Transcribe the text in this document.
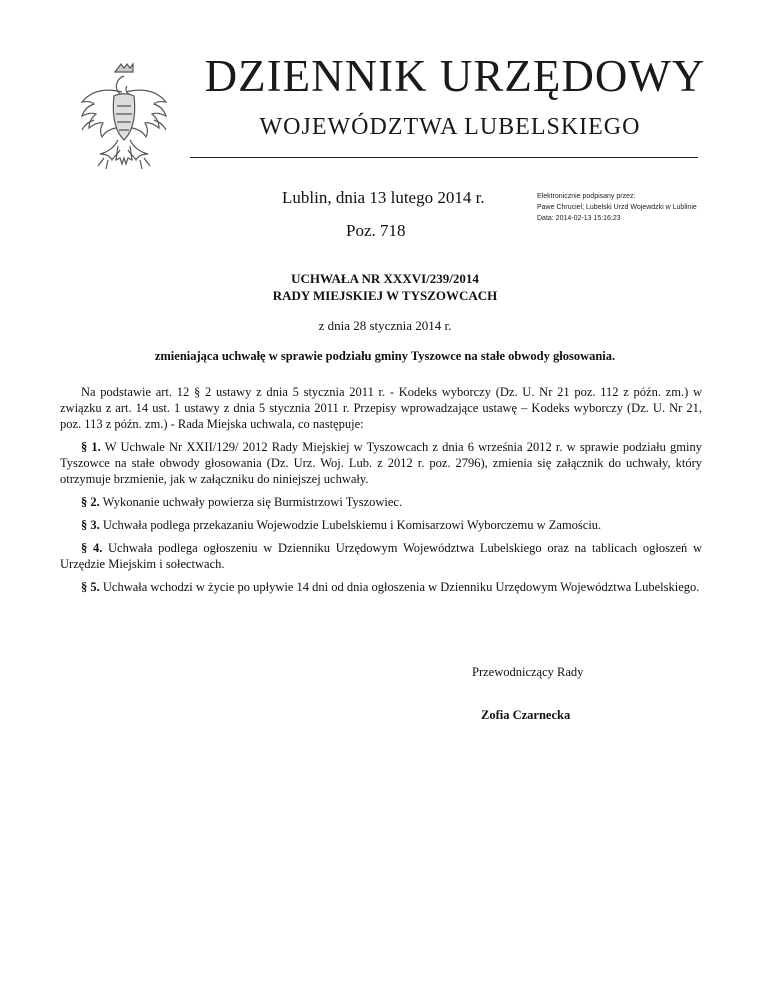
DZIENNIK URZĘDOWY
WOJEWÓDZTWA LUBELSKIEGO
Lublin, dnia 13 lutego 2014 r.
Poz. 718
Elektronicznie podpisany przez:
Pawe Chruciel; Lubelski Urzd Wojewdzki w Lublinie
Data: 2014-02-13 15:16:23
UCHWAŁA NR XXXVI/239/2014
RADY MIEJSKIEJ W TYSZOWCACH
z dnia 28 stycznia 2014 r.
zmieniająca uchwałę w sprawie podziału gminy Tyszowce na stałe obwody głosowania.

Na podstawie art. 12 § 2 ustawy z dnia 5 stycznia 2011 r. - Kodeks wyborczy (Dz. U. Nr 21 poz. 112 z późn. zm.) w związku z art. 14 ust. 1 ustawy z dnia 5 stycznia 2011 r. Przepisy wprowadzające ustawę – Kodeks wyborczy (Dz. U. Nr 21, poz. 113 z późn. zm.) - Rada Miejska uchwala, co następuje:

§ 1. W Uchwale Nr XXII/129/ 2012 Rady Miejskiej w Tyszowcach z dnia 6 września 2012 r. w sprawie podziału gminy Tyszowce na stałe obwody głosowania (Dz. Urz. Woj. Lub. z 2012 r. poz. 2796), zmienia się załącznik do uchwały, który otrzymuje brzmienie, jak w załączniku do niniejszej uchwały.

§ 2. Wykonanie uchwały powierza się Burmistrzowi Tyszowiec.

§ 3. Uchwała podlega przekazaniu Wojewodzie Lubelskiemu i Komisarzowi Wyborczemu w Zamościu.

§ 4. Uchwała podlega ogłoszeniu w Dzienniku Urzędowym Województwa Lubelskiego oraz na tablicach ogłoszeń w Urzędzie Miejskim i sołectwach.

§ 5. Uchwała wchodzi w życie po upływie 14 dni od dnia ogłoszenia w Dzienniku Urzędowym Województwa Lubelskiego.

Przewodniczący Rady
Zofia Czarnecka
